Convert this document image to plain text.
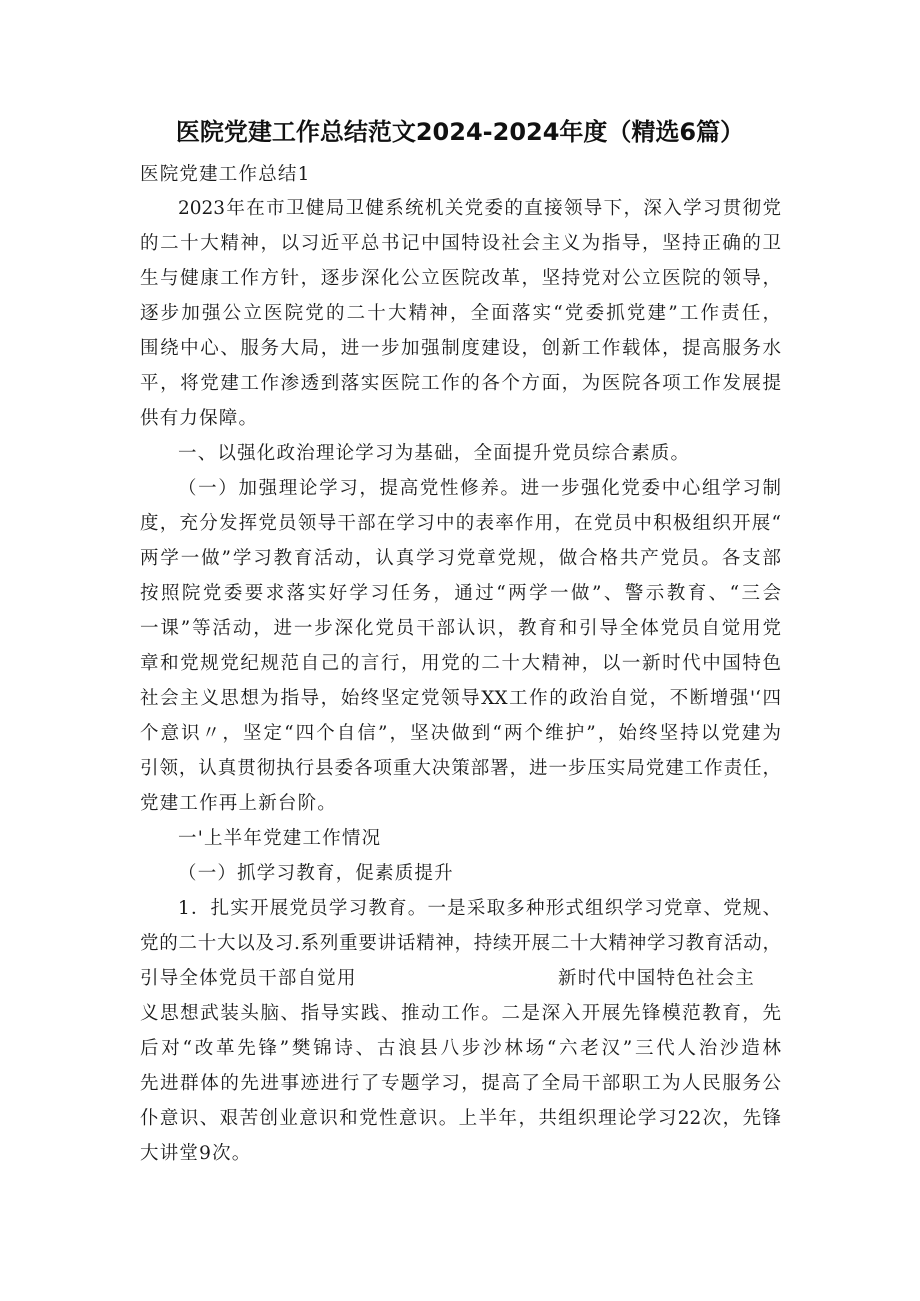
医院党建工作总结范文2024-2024年度（精选6篇）
医院党建工作总结1
2023年在市卫健局卫健系统机关党委的直接领导下，深入学习贯彻党
的二十大精神，以习近平总书记中国特设社会主义为指导，坚持正确的卫
生与健康工作方针，逐步深化公立医院改革，坚持党对公立医院的领导，
逐步加强公立医院党的二十大精神，全面落实“党委抓党建”工作责任，
围绕中心、服务大局，进一步加强制度建设，创新工作载体，提高服务水
平，将党建工作渗透到落实医院工作的各个方面，为医院各项工作发展提
供有力保障。
一、以强化政治理论学习为基础，全面提升党员综合素质。
（一）加强理论学习，提高党性修养。进一步强化党委中心组学习制
度，充分发挥党员领导干部在学习中的表率作用，在党员中积极组织开展“
两学一做”学习教育活动，认真学习党章党规，做合格共产党员。各支部
按照院党委要求落实好学习任务，通过“两学一做”、警示教育、“三会
一课”等活动，进一步深化党员干部认识，教育和引导全体党员自觉用党
章和党规党纪规范自己的言行，用党的二十大精神，以一新时代中国特色
社会主义思想为指导，始终坚定党领导XX工作的政治自觉，不断增强'‘四
个意识〃，坚定“四个自信”，坚决做到“两个维护”，始终坚持以党建为
引领，认真贯彻执行县委各项重大决策部署，进一步压实局党建工作责任，
党建工作再上新台阶。
一'上半年党建工作情况
（一）抓学习教育，促素质提升
1．扎实开展党员学习教育。一是采取多种形式组织学习党章、党规、
党的二十大以及习.系列重要讲话精神，持续开展二十大精神学习教育活动，
引导全体党员干部自觉用	新时代中国特色社会主
义思想武装头脑、指导实践、推动工作。二是深入开展先锋模范教育，先
后对“改革先锋”樊锦诗、古浪县八步沙林场“六老汉”三代人治沙造林
先进群体的先进事迹进行了专题学习，提高了全局干部职工为人民服务公
仆意识、艰苦创业意识和党性意识。上半年，共组织理论学习22次，先锋
大讲堂9次。
